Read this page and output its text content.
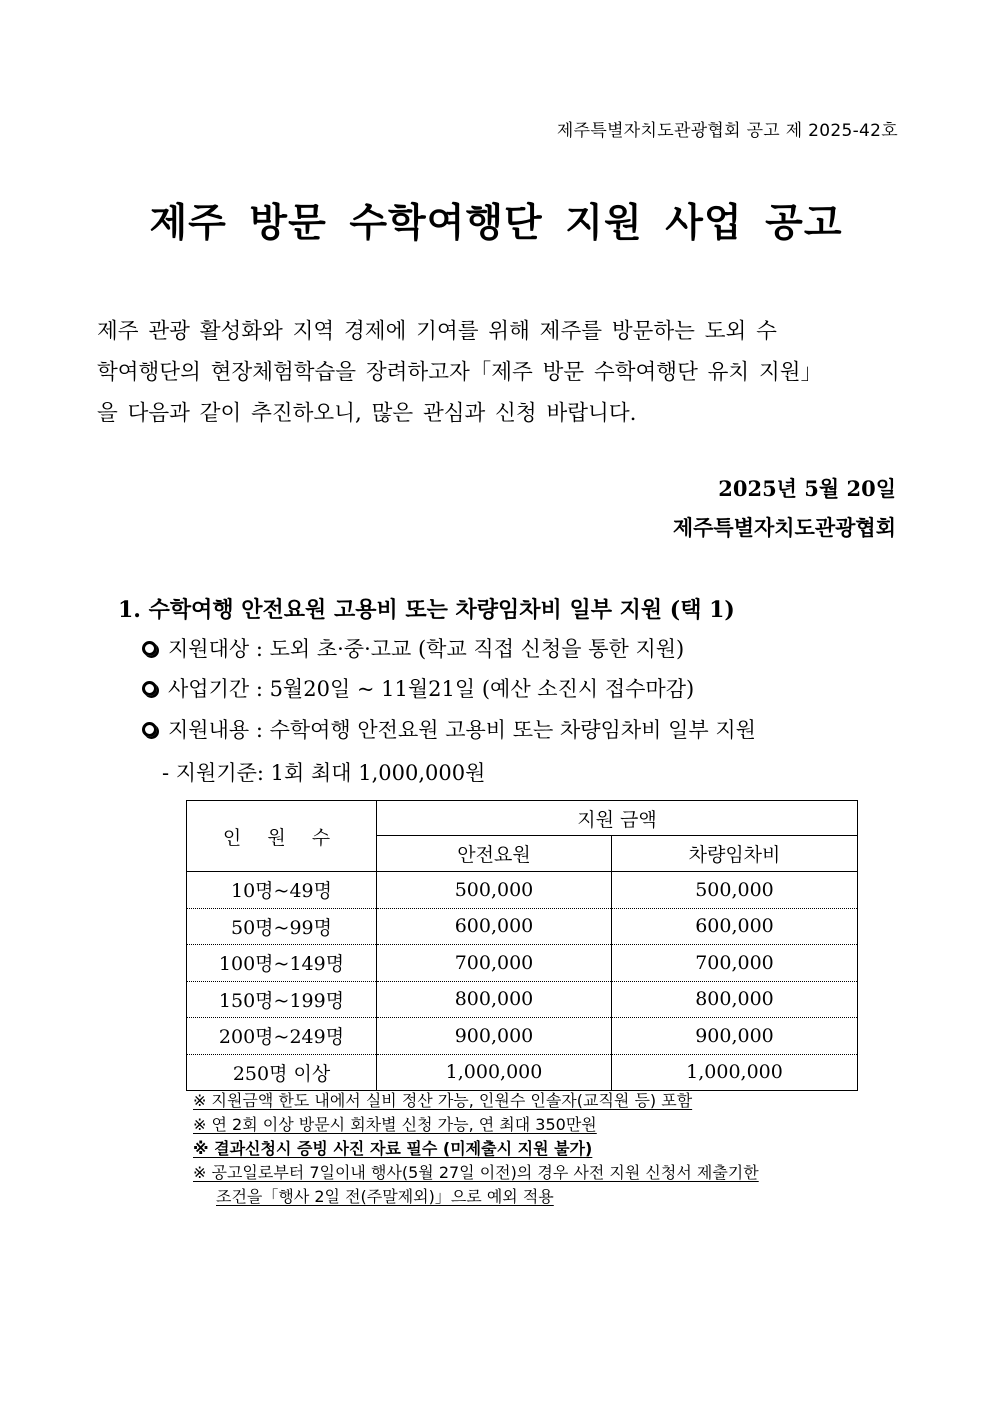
제주특별자치도관광협회 공고 제 2025-42호
제주 방문 수학여행단 지원 사업 공고
제주 관광 활성화와 지역 경제에 기여를 위해 제주를 방문하는 도외 수
학여행단의 현장체험학습을 장려하고자「제주 방문 수학여행단 유치 지원」
을 다음과 같이 추진하오니, 많은 관심과 신청 바랍니다.
2025년 5월 20일
제주특별자치도관광협회
1. 수학여행 안전요원 고용비 또는 차량임차비 일부 지원 (택 1)
지원대상 : 도외 초·중·고교 (학교 직접 신청을 통한 지원)
사업기간 : 5월20일 ~ 11월21일 (예산 소진시 접수마감)
지원내용 : 수학여행 안전요원 고용비 또는 차량임차비 일부 지원
- 지원기준: 1회 최대 1,000,000원
인 원 수	지원 금액	
	안전요원	차량임차비
10명~49명	500,000	500,000
50명~99명	600,000	600,000
100명~149명	700,000	700,000
150명~199명	800,000	800,000
200명~249명	900,000	900,000
250명 이상	1,000,000	1,000,000
※ 지원금액 한도 내에서 실비 정산 가능, 인원수 인솔자(교직원 등) 포함
※ 연 2회 이상 방문시 회차별 신청 가능, 연 최대 350만원
※ 결과신청시 증빙 사진 자료 필수 (미제출시 지원 불가)
※ 공고일로부터 7일이내 행사(5월 27일 이전)의 경우 사전 지원 신청서 제출기한
조건을「행사 2일 전(주말제외)」으로 예외 적용
